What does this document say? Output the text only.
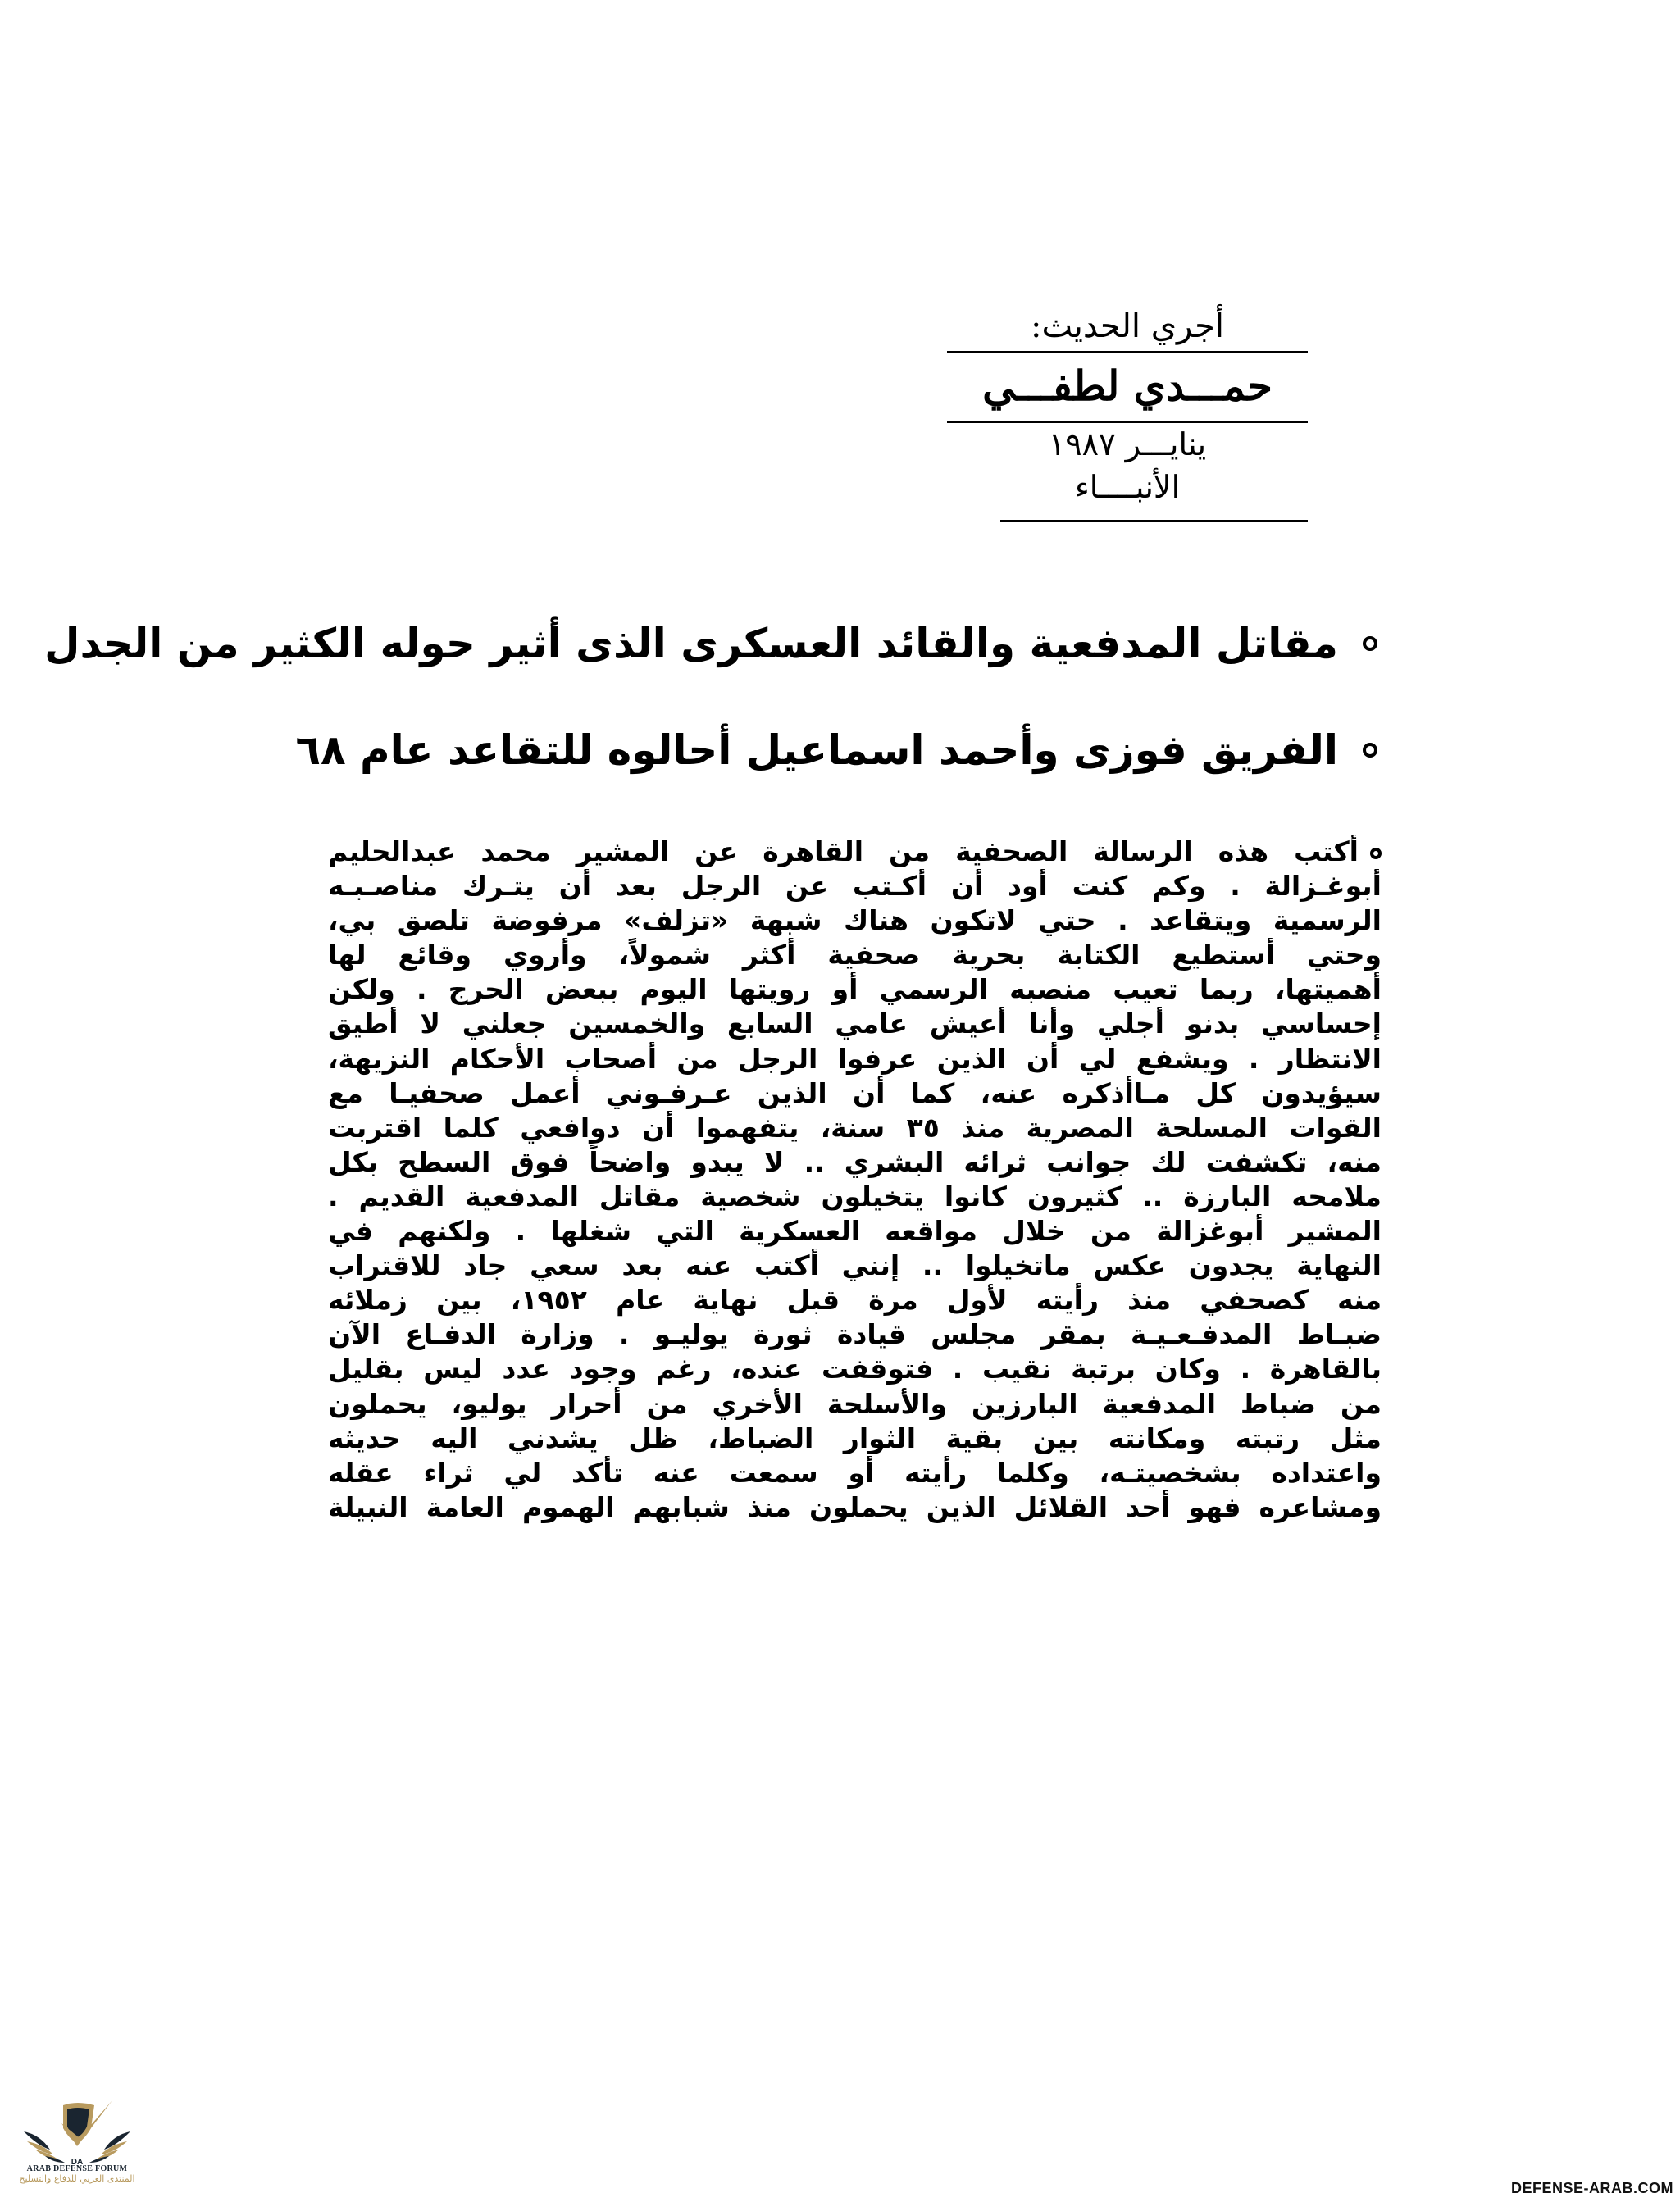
أجري الحديث:
حمـــدي لطفـــي
ينايـــر ١٩٨٧
الأنبــــاء
مقاتل المدفعية والقائد العسكرى الذى أثير حوله الكثير من الجدل
الفريق فوزى وأحمد اسماعيل أحالوه للتقاعد عام ٦٨
أكتب هذه الرسالة الصحفية من القاهرة عن المشير محمد عبدالحليم
أبوغـزالة . وكم كنت أود أن أكـتب عن الرجل بعد أن يتـرك مناصـبـه
الرسمية ويتقاعد . حتي لاتكون هناك شبهة «تزلف» مرفوضة تلصق بي،
وحتي أستطيع الكتابة بحرية صحفية أكثر شمولاً، وأروي وقائع لها
أهميتها، ربما تعيب منصبه الرسمي أو رويتها اليوم ببعض الحرج . ولكن
إحساسي بدنو أجلي وأنا أعيش عامي السابع والخمسين جعلني لا أطيق
الانتظار . ويشفع لي أن الذين عرفوا الرجل من أصحاب الأحكام النزيهة،
سيؤيدون كل مـاأذكره عنه، كما أن الذين عـرفـوني أعمل صحفيـا مع
القوات المسلحة المصرية منذ ٣٥ سنة، يتفهموا أن دوافعي كلما اقتربت
منه، تكشفت لك جوانب ثرائه البشري .. لا يبدو واضحاً فوق السطح بكل
ملامحه البارزة .. كثيرون كانوا يتخيلون شخصية مقاتل المدفعية القديم .
المشير أبوغزالة من خلال مواقعه العسكرية التي شغلها . ولكنهم في
النهاية يجدون عكس ماتخيلوا .. إنني أكتب عنه بعد سعي جاد للاقتراب
منه كصحفي منذ رأيته لأول مرة قبل نهاية عام ١٩٥٢، بين زملائه
ضبـاط المدفـعـيـة بمقر مجلس قيادة ثورة يوليـو . وزارة الدفـاع الآن
بالقاهرة . وكان برتبة نقيب . فتوقفت عنده، رغم وجود عدد ليس بقليل
من ضباط المدفعية البارزين والأسلحة الأخري من أحرار يوليو، يحملون
مثل رتبته ومكانته بين بقية الثوار الضباط، ظل يشدني اليه حديثه
واعتداده بشخصيتـه، وكلما رأيته أو سمعت عنه تأكد لي ثراء عقله
ومشاعره فهو أحد القلائل الذين يحملون منذ شبابهم الهموم العامة النبيلة
DA
ARAB DEFENSE FORUM
المنتدى العربي للدفاع والتسليح
DEFENSE-ARAB.COM
